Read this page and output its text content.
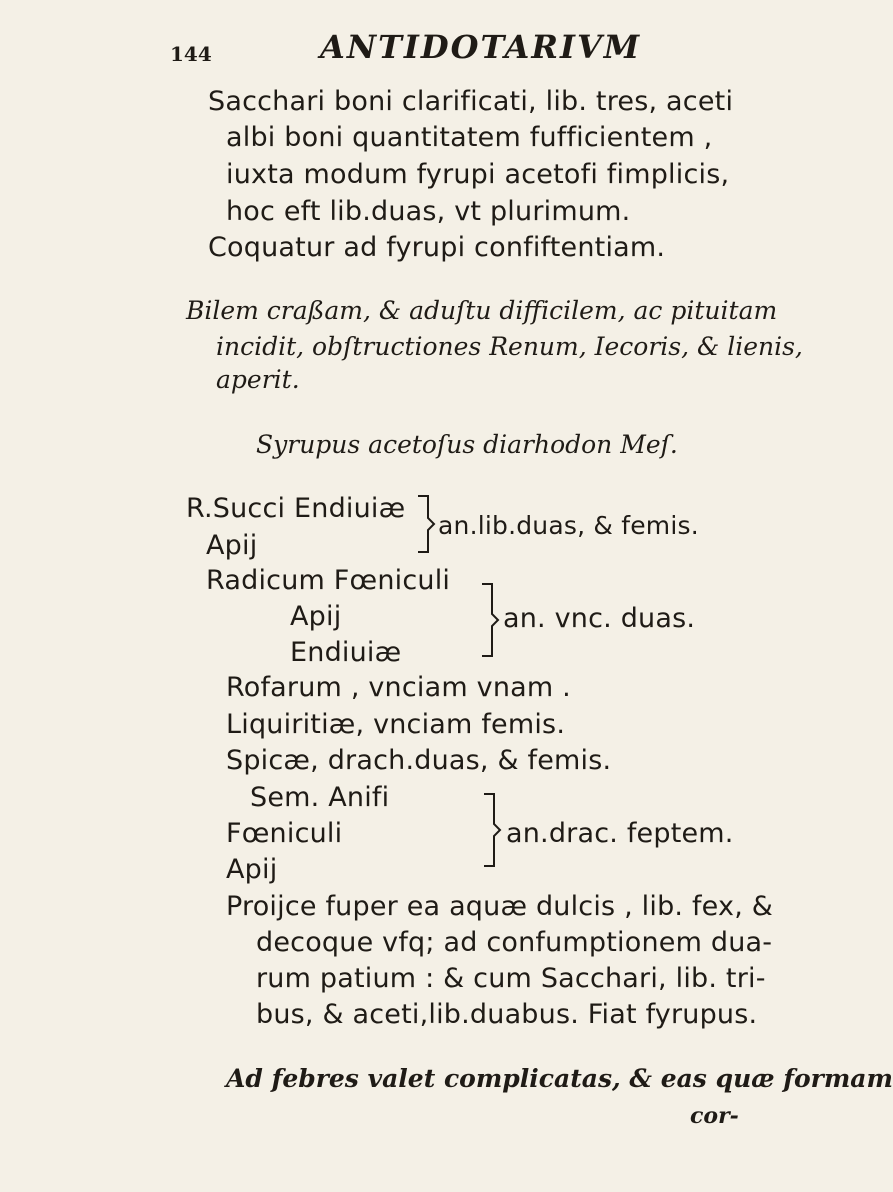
144	ANTIDOTARIVM
Sacchari boni clarificati, lib. tres, aceti
albi boni quantitatem fufficientem ,
iuxta modum fyrupi acetofi fimplicis,
hoc eft lib.duas, vt plurimum.
Coquatur ad fyrupi confiftentiam.
Bilem craßam, & aduſtu difficilem, ac pituitam
incidit, obſtructiones Renum, Iecoris, & lienis,
aperit.
Syrupus acetoſus diarhodon Meſ.
R.Succi Endiuiæ
Apij
an.lib.duas, & femis.
Radicum Fœniculi
Apij
Endiuiæ
an. vnc. duas.
Rofarum , vnciam vnam .
Liquiritiæ, vnciam femis.
Spicæ, drach.duas, & femis.
Sem. Anifi
Fœniculi
Apij
an.drac. feptem.
Proijce fuper ea aquæ dulcis , lib. fex, &
decoque vfq; ad confumptionem dua-
rum patium : & cum Sacchari, lib. tri-
bus, & aceti,lib.duabus. Fiat fyrupus.
Ad febres valet complicatas, & eas quæ formam
cor-
